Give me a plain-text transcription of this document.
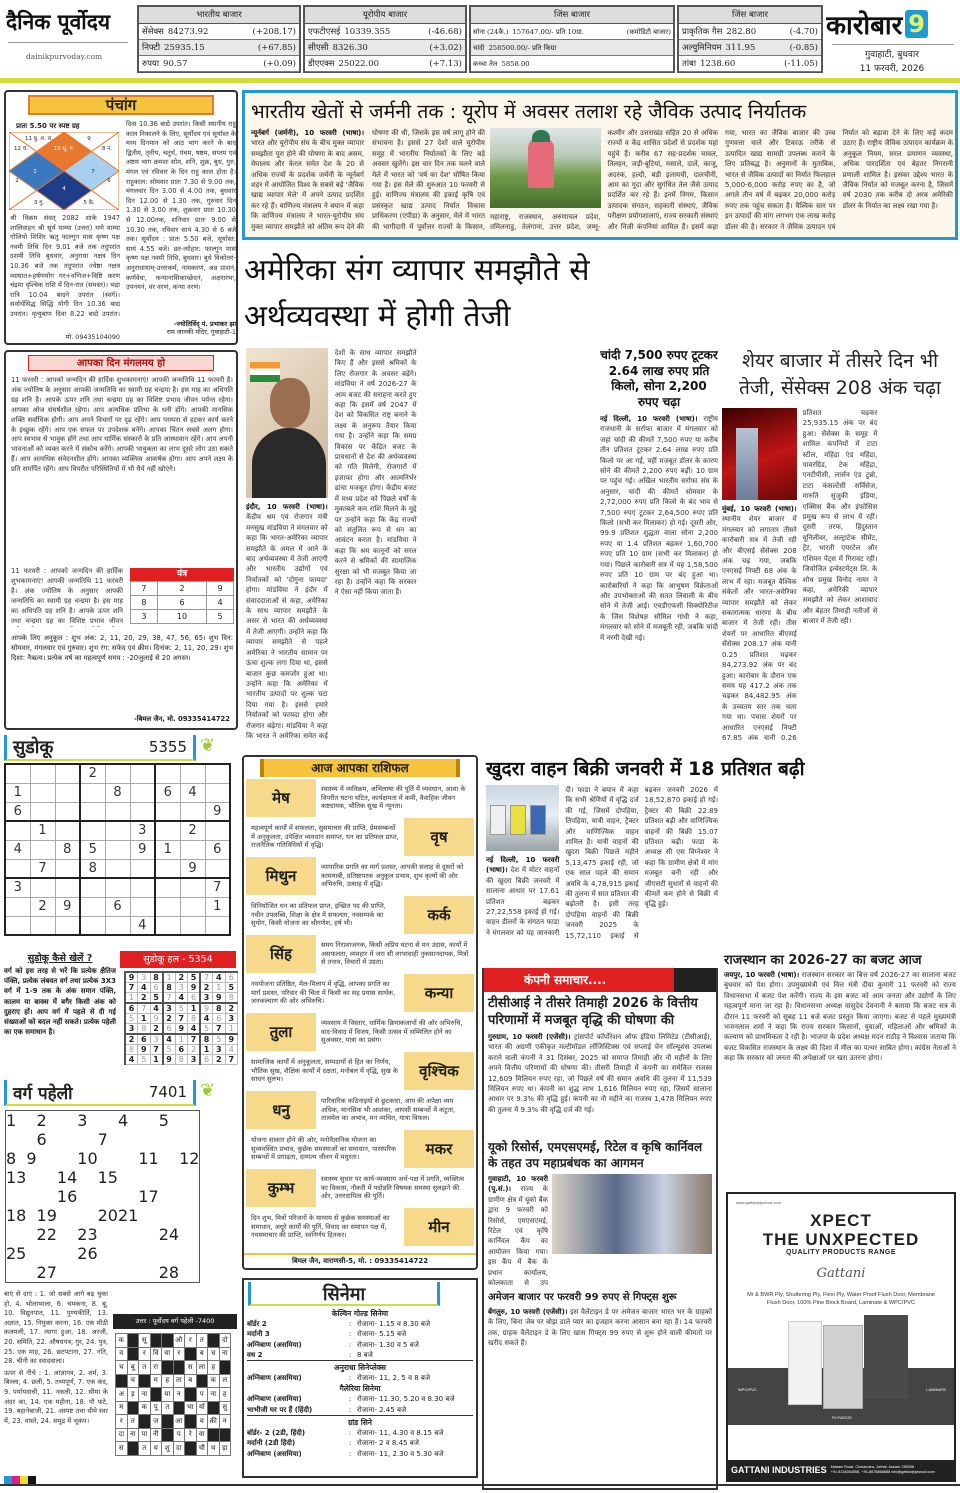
दैनिक पूर्वोदय
dainikpurvoday.com
भारतीय बाजार
सेंसेक्स 84273.92	(+208.17)
निफ्टी 25935.15	(+67.85)
रुपया 90.57	(+0.09)
यूरोपीय बाजार
एफटीएसई 10339.355	(-46.68)
सीएसी 8326.30	(+3.02)
डीएएक्स 25022.00	(+7.13)
जिंस बाजार
सोना (24कै.) 157647.00/- प्रति 10ग्रा.	(कमोडिटी बाजार)
चांदी 258500.00/- प्रति किग्रा
कच्चा तेल 5858.00
जिंस बाजार
प्राकृतिक गैस 282.80	(-4.70)
अल्युमिनियम 311.95	(-0.85)
तांबा 1238.60	(-11.05)
कारोबार 9
गुवाहाटी, बुधवार
11 फरवरी, 2026
पंचांग
प्रातः 5.50 पर स्पष्ट ग्रह
10 सू. ग.
11 बु. श. रा.	9
12 च.
1	7
8 नं.
2
4
6
3 गु.	5 के.
श्री विक्रम संवत् 2082 शाके 1947 शालिवाहन श्री सूर्य याम्या (उत्तरा) यणे याम्या गोलियो शिशिर ऋतु फाल्गुन मास कृष्ण पक्ष नवमी तिथि दिन 9.01 बजे तक तदुपरांत दशमी तिथि बुधवार, अनुराधा नक्षत्र दिन 10.36 बजे तक तदुपरांत ज्येष्ठा नक्षत्र व्याघात+हर्षणयोग गर+वणिज+विष्टि करण चंद्रमा वृश्चिक राशि में दिन-रात (समस्त)। भद्रा रात्रि 10.04 बादने उपरांत (स्वर्ग)। सर्वार्थसिद्ध सिद्धि योगी दिन 10.36 बाद्य उपरांत। मृत्युबाण दिवा 8.22 बाद्ये उपरांत।
दिवा 10.36 बाद्ये उपरांत। किसी स्थानीय राहु काल निकालने के लिए, सूर्योदय एवं सूर्यास्त के मध्य दिनमान को आठ भाग करने के बाद द्वितीय, तृतीय, चतुर्थ, पंचम, षष्ठम, सप्तम एवं अष्टम भाग क्रमशः सोम, शनि, शुक्र, बुध, गुरु, मंगल एवं रविवार के दिन राहु काल होता है। राहुकाल: सोमवार प्रातः 7.30 से 9.00 तक, मंगलवार दिन 3.00 से 4.00 तक, बुधवार दिन 12.00 से 1.30 तक, गुरुवार दिन 1.30 से 3.00 तक, शुक्रवार प्रातः 10.30 से 12.00तक, शनिवार प्रातः 9.00 से 10.30 तक, रविवार सायं 4.30 से 6 बजे तक। सूर्योदय : प्रातः 5.50 बजे, सूर्यास्त: सायं 4.55 बजे। व्रत-त्योहार: फाल्गुन मास कृष्ण पक्ष नवमी तिथि, बुधवार। बुधे विकोत्तरं-अनुराधायाम्-उत्तरकर्म, नामकरणं, अन्न प्राशनं, कर्णवेधः, कन्यानासिकाच्छेदनं, अक्षरारंभः, उपनयनं, वर वरणं, कन्या वरणं।
-ज्योतिर्विद् पं. प्रभाकर झा
राम जानकी मंदिर, गुवाहाटी-1
मो. 09435104090
आपका दिन मंगलमय हो
11 फरवरी : आपको जन्मदिन की हार्दिक शुभकामनाएं! आपकी जन्मतिथि 11 फरवरी है। अंक ज्योतिष के अनुसार आपकी जन्मतिथि का स्वामी ग्रह चन्द्रमा है। इस माह का अधिपति ग्रह शनि है। आपके ऊपर शनि तथा चन्द्रमा ग्रह का विशिष्ट प्रभाव जीवन पर्यन्त रहेगा। आपका ओज संघर्षशील रहेगा। आप अत्यधिक प्रतिभा के धनी होंगे। आपकी मानसिक शक्ति सर्वाधिक होगी। आप अपने विचारों पर दृढ़ रहेंगे। आप परम्परा से हटकर कार्य करने के इच्छुक रहेंगे। आप एक सफल पर उपदेशक बनेंगे। आपका चिंतन सबसे अलग होगा। आप स्वभाव से भावुक होंगे तथा आप धार्मिक संस्कारों के प्रति आस्थावान रहेंगे। आप अपनी भावनाओं को व्यक्त करने में संकोच करेंगे। आपकी भावुकता का लाभ दूसरे लोग उठा सकते हैं। आप अत्यधिक संवेदनशील होंगे। आपका व्यक्तित्व आकर्षक होगा। आप अपने लक्ष्य के प्रति समर्पित रहेंगे। आप विपरीत परिस्थितियों में भी धैर्य नहीं खोएंगे।
11 फरवरी : आपको जन्मदिन की हार्दिक शुभकामनाएं! आपकी जन्मतिथि 11 फरवरी है। अंक ज्योतिष के अनुसार आपकी जन्मतिथि का स्वामी ग्रह चन्द्रमा है। इस माह का अधिपति ग्रह शनि है। आपके ऊपर शनि तथा चन्द्रमा ग्रह का विशिष्ट प्रभाव जीवन
यंत्र
7	2	9
8	6	4
3	10	5
आपके लिए अनुकूल : शुभ अंक: 2, 11, 20, 29, 38, 47, 56, 65। शुभ दिन: सोमवार, मंगलवार एवं गुरुवार। शुभ रंग: सफेद एवं क्रीम। दिनांक: 2, 11, 20, 29। शुभ दिशा: नैऋत्य। प्रत्येक वर्ष का महत्वपूर्ण समय : -20जुलाई से 20 अगस्त।
-बिमल जैन, मो. 09335414722
सुडोकू	5355 ❦
			2					
1				8		6	4	
6								9
	1				3		2	
4		8	5		9	1		6
	7		8				9	
3								7
	2	9		6				1
					4			
सुडोकू कैसे खेलें ?
वर्ग को इस तरह से भरें कि प्रत्येक क्षैतिज पंक्ति, प्रत्येक लंबवत वर्ग तथा प्रत्येक 3X3 वर्ग में 1-9 तक के अंक समान पंक्ति, कालम या बाक्स में बगैर किसी अंक को दुहराए हों। आप वर्ग में पहले से दी गई संख्याओं को बदल नहीं सकते। प्रत्येक पहेली का एक समाधान है।
सुडोकू हल - 5354
9	3	8	1	2	5	7	4	6
7	4	6	8	3	9	2	1	5
1	2	5	7	4	6	3	9	8
6	7	4	3	5	1	9	8	2
5	1	9	2	7	8	4	6	3
3	8	2	6	9	4	5	7	1
2	6	3	4	1	7	8	5	9
8	9	7	5	6	2	1	3	4
4	5	1	9	8	3	6	2	7
वर्ग पहेली	7401 ❦
1		2		3		4		5	
		6			7				
8	9			10			11		12
13			14		15				
			16				17		
18		19			20	21			
		22		23				24	
25				26					
		27						28	
बाएं से दाएं : 1. जो सबसे आगे बढ़ चुका हो, 4. भोलाभाला, 6. चमकना, 8. बू, 10. विद्युतपात, 11. पुण्यकीर्ति, 13. अज्ञात, 15. नियुक्त करना, 16. एक मीठी कलमली, 17. त्यागा हुआ, 18. अरजी, 20. समिति, 22. औषधपत्र; गुर, 24. पुत्र, 25. एक माह, 26. छटपटाना, 27. नति, 28. चीनी का स्वादवाला।
ऊपर से नीचे : 1. आज्ञापत्र, 2. शर्म, 3. बिल्ला, 4. छली, 5. तथ्यपूर्ण, 7. एक कंद, 9. पर्यायवाची, 11. नकली, 12. सीमा के अंदर का, 14. एक महीना, 18. पौ फटे, 19. बहानेबाजी, 21. अस्पष्ट तथा धीमे स्वर में, 23. वास्ते, 24. समुद्र में भूकंप।
उत्तर : पूर्वोदय वर्ग पहेली -7400
क		सू			औ	र	त		दो
व		र	वि	वा	र		ब	च	ना
च	बू	त	रा			स	ला	ह	
	च		म	ह	ता	ब		क	ल
अ	ड़	ना		या	न		प	ना	ह
म		क	पू	त		भा	र्या		सु
र	त		ज		आ		य	क़ी	न
दा	ना	पा	नी		प	रे	वा		
स		त	य	शु	दा		चौ	थ	ड़ा
भारतीय खेतों से जर्मनी तक : यूरोप में अवसर तलाश रहे जैविक उत्पाद निर्यातक
न्यूर्नबर्ग (जर्मनी), 10 फरवरी (भाषा)। भारत और यूरोपीय संघ के बीच मुक्त व्यापार समझौता पूरा होने की घोषणा के बाद असम, मेघालय और केरल समेत देश के 20 से अधिक राज्यों के प्रदर्शक जर्मनी के न्यूर्नबर्ग शहर में आयोजित विश्व के सबसे बड़े 'जैविक खाद्य व्यापार मेले' में अपने उत्पाद प्रदर्शित कर रहे हैं। वाणिज्य मंत्रालय ने बयान में कहा कि वाणिज्य मंत्रालय ने भारत-यूरोपीय संघ मुक्त व्यापार समझौते को अंतिम रूप देने की घोषणा की थी, जिसके इस वर्ष लागू होने की संभावना है। इससे 27 देशों वाले यूरोपीय समूह में भारतीय निर्यातकों के लिए बड़े अवसर खुलेंगे। इस चार दिन तक चलने वाले मेले में भारत को 'वर्ष का देश' घोषित किया गया है। इस मेले की शुरुआत 10 फरवरी से हुई। वाणिज्य मंत्रालय की इकाई कृषि एवं प्रसंस्कृत खाद्य उत्पाद निर्यात विकास प्राधिकरण (एपीडा) के अनुसार, मेले में भारत की भागीदारी में पूर्वोत्तर राज्यों के किसान,
महाराष्ट्र, राजस्थान, अरुणाचल प्रदेश, तमिलनाडु, तेलंगाना, उत्तर प्रदेश, जम्मू-कश्मीर और उत्तराखंड सहित 20 से अधिक राज्यों व केंद्र शासित प्रदेशों से प्रदर्शक यहां पहुंचे हैं। करीब 67 सह-प्रदर्शक चावल, तिलहन, जड़ी-बूटियां, मसाले, दालें, काजू, अदरक, हल्दी, बड़ी इलायची, दालचीनी, आम का गूदा और सुगंधित तेल जैसे उत्पाद प्रदर्शित कर रहे हैं। इनमें निगम, किसान उत्पादक संगठन, सहकारी संस्थाएं, जैविक परीक्षण प्रयोगशालाएं, राज्य सरकारी संस्थाएं और निजी कंपनियां शामिल हैं। इसमें कहा गया, भारत का जैविक बाजार की उच्च गुणवत्ता वाले और टिकाऊ तरीके से उत्पादित खाद्य सामग्री उपलब्ध कराने के लिए प्रतिबद्ध है। अनुमानों के मुताबिक, भारत से जैविक उत्पादों का निर्यात फिलहाल 5,000-6,000 करोड़ रुपए का है, जो अगले तीन वर्ष में बढ़कर 20,000 करोड़ रुपए तक पहुंच सकता है। वैश्विक स्तर पर इन उत्पादों की मांग लगभग एक लाख करोड़ डॉलर की है। सरकार ने जैविक उत्पादन एवं निर्यात को बढ़ावा देने के लिए कई कदम उठाए हैं। राष्ट्रीय जैविक उत्पादन कार्यक्रम के अनुकूल नियम, सरल प्रमाणन व्यवस्था, अधिक पारदर्शिता एवं बेहतर निगरानी प्रणाली शामिल है। इसका उद्देश्य भारत के जैविक निर्यात को मजबूत करना है, जिसमें वर्ष 2030 तक करीब दो अरब अमेरिकी डॉलर के निर्यात का लक्ष्य रखा गया है।
अमेरिका संग व्यापार समझौते से अर्थव्यवस्था में होगी तेजी
इंदौर, 10 फरवरी (भाषा)। केंद्रीय श्रम एवं रोजगार मंत्री मनसुख मांडविया ने मंगलवार को कहा कि भारत-अमेरिका व्यापार समझौते के अमल में आने के बाद अर्थव्यवस्था में तेजी आएगी और भारतीय उद्योगों एवं निर्यातकों को 'दोगुना फायदा' होगा। मांडविया ने इंदौर में संवाददाताओं से कहा, अमेरिका के साथ व्यापार समझौते के असर से भारत की अर्थव्यवस्था में तेजी आएगी। उन्होंने कहा कि व्यापार समझौते से पहले अमेरिका ने भारतीय सामान पर ऊंचा शुल्क लगा दिया था, इससे बाजार कुछ कमजोर हुआ था। उन्होंने कहा कि अमेरिका में भारतीय उत्पादों पर शुल्क घटा दिया गया है। इससे हमारे निर्यातकों को फायदा होगा और रोजगार बढ़ेगा। मांडविया ने कहा कि भारत ने अमेरिका समेत कई देशों के साथ व्यापार समझौते किए हैं और इससे श्रमिकों के लिए रोजगार के अवसर बढ़ेंगे। मांडविया ने वर्ष 2026-27 के आम बजट की सराहना करते हुए कहा कि इसमें वर्ष 2047 में देश को विकसित राष्ट्र बनाने के लक्ष्य के अनुरूप तैयार किया गया है। उन्होंने कहा कि समग्र विकास पर केंद्रित बजट के प्रावधानों से देश की अर्थव्यवस्था को गति मिलेगी, रोजगारों में इजाफा होगा और आत्मनिर्भर ढांचा मजबूत होगा। केंद्रीय बजट में मध्य प्रदेश को पिछले वर्षों के मुकाबले कम राशि मिलने के मुद्दे पर उन्होंने कहा कि केंद्र राज्यों को संतुलित रूप से धन का आवंटन करता है। मांडविया ने कहा कि श्रम कानूनों को सरल करने से श्रमिकों की सामाजिक सुरक्षा को भी मजबूत किया जा रहा है। उन्होंने कहा कि सरकार ने ऐसा नहीं किया जाता है।
चांदी 7,500 रुपए टूटकर 2.64 लाख रुपए प्रति किलो, सोना 2,200 रुपए चढ़ा
नई दिल्ली, 10 फरवरी (भाषा)। राष्ट्रीय राजधानी के सर्राफा बाजार में मंगलवार को जहां चांदी की कीमतें 7,500 रुपए या करीब तीन प्रतिशत टूटकर 2.64 लाख रुपए प्रति किलो पर आ गईं, वहीं मजबूत डॉलर के कारण सोने की कीमतें 2,200 रुपए बढ़ीं। 10 ग्राम पर पहुंच गई। अखिल भारतीय सर्राफा संघ के अनुसार, चांदी की कीमतें सोमवार के 2,72,000 रुपए प्रति किलो के बंद भाव से 7,500 रुपए टूटकर 2,64,500 रुपए प्रति किलो (सभी कर मिलाकर) हो गई। दूसरी ओर, 99.9 प्रतिशत शुद्धता वाला सोना 2,200 रुपए या 1.4 प्रतिशत बढ़कर 1,60,700 रुपए प्रति 10 ग्राम (सभी कर मिलाकर) हो गया। पिछले कारोबारी सत्र में यह 1,58,500 रुपए प्रति 10 ग्राम पर बंद हुआ था। कारोबारियों ने कहा कि आभूषण विक्रेताओं और उपभोक्ताओं की सतत लिवाली के बीच सोने में तेजी आई। एचडीएफसी सिक्योरिटीज के जिंस विशेषज्ञ सौमिल गांधी ने कहा, मंगलवार को सोने में मजबूती रही, जबकि चांदी में नरमी देखी गई।
शेयर बाजार में तीसरे दिन भी तेजी, सेंसेक्स 208 अंक चढ़ा
मुंबई, 10 फरवरी (भाषा)। स्थानीय शेयर बाजार में मंगलवार को लगातार तीसरे कारोबारी सत्र में तेजी रही और बीएसई सेंसेक्स 208 अंक चढ़ गया, जबकि एनएसई निफ्टी 68 अंक के लाभ में रहा। मजबूत वैश्विक संकेतों और भारत-अमेरिका व्यापार समझौते को लेकर सकारात्मक धारणा के बीच बाजार में तेजी रही। तीस शेयरों पर आधारित बीएसई सेंसेक्स 208.17 अंक यानी 0.25 प्रतिशत चढ़कर 84,273.92 अंक पर बंद हुआ। कारोबार के दौरान एक समय यह 417.2 अंक तक चढ़कर 84,482.95 अंक के उच्चतम स्तर तक चला गया था। पचास शेयरों पर आधारित एनएसई निफ्टी 67.85 अंक यानी 0.26 प्रतिशत चढ़कर 25,935.15 अंक पर बंद हुआ। सेंसेक्स के समूह में शामिल कंपनियों में टाटा स्टील, महिंद्रा एंड महिंद्रा, पावरग्रिड, टेक महिंद्रा, एनटीपीसी, लार्सन एंड टुब्रो, टाटा कंसल्टेंसी सर्विसेज, मारुति सुजुकी इंडिया, एक्सिस बैंक और इंफोसिस प्रमुख रूप से लाभ में रहीं। दूसरी तरफ, हिंदुस्तान यूनिलीवर, अल्ट्राटेक सीमेंट, ट्रेंट, भारती एयरटेल और एशियन पेंट्स में गिरावट रही। जियोजित इन्वेस्टमेंट्स लि. के शोध प्रमुख विनोद नायर ने कहा, अमेरिकी व्यापार समझौते को लेकर आशावाद और बेहतर तिमाही नतीजों से बाजार में तेजी रही।
आज आपका राशिफल
मेष	स्वास्थ्य में व्यतिक्रम, अभिलाषा की पूर्ति में व्यवधान, आशा के विपरीत घटना घटित, कार्यक्षमता में कमी, वैवाहिक जीवन कष्टदायक, भौतिक सुख में न्यूनता।
वृष
महत्वपूर्ण कार्यों में सफलता, सुसमाचार की प्राप्ति, प्रेमसम्बन्धों में अनुकूलता, उपेक्षित व्यवधान समाप्त, धन का प्रतिफल प्राप्त, राजनैतिक गतिविधियों में वृद्धि।
मिथुन	व्यापारिक प्रगति का मार्ग प्रशस्त, आपकी सलाह से दूसरों को कामयाबी, प्रतिष्ठापरक अनुकूल प्रभाव, शुभ कृत्यों की ओर अभिरुचि, उत्साह में वृद्धि।
कर्क
विनियोजित धन का प्रतिफल प्राप्त, इच्छित पद की प्राप्ति, नवीन उपलब्धि, शिक्षा के क्षेत्र में सफलता, नवसम्पर्क का सुयोग, किसी योजना का श्रीगणेश, हर्ष भी।
सिंह	समय निराशाजनक, किसी अप्रिय घटना से मन उदास, कार्यों में असफलता, व्यवहार में जरा सी लापरवाही नुकसानदायक, मित्रों से तनाव, विचारों में उग्रता।
कन्या
नवयोजना प्रतिष्ठित, मेल-मिलाप में वृद्धि, आपका प्रगति का मार्ग प्रशस्त, परिवार की चिंता में किसी का सह प्रयास सार्थक, जनकल्याण की ओर अभिरुचि।
तुला	व्यवसाय में विस्तार, धार्मिक क्रियाकलापों की ओर अभिरुचि, वाद-विवाद में विजय, किसी उत्सव में सम्मिलित होने का सुअवसर, यात्रा का प्रसंग।
वृश्चिक
सामाजिक कार्यों में अनुकूलता, सम्पदायों से हित का निर्णय, भौतिक सुख, शैक्षिक कार्यों में दक्षता, मनोबल में वृद्धि, सुख के साधन सुलभ।
धनु	पारिवारिक कठिनाइयों से छुटकारा, आय की अपेक्षा व्यय अधिक, मानसिक भी आशंका, आपसी सम्बन्धों में कटुता, तालमेल का अभाव, मन व्यथित, यात्रा विफल।
मकर
योजना साकार होने की ओर, मनोवैज्ञानिक योजना का सुव्यवस्थित प्रभाव, कुछेक समस्याओं का समाधान, पारस्परिक सम्बन्धों में प्रगाढ़ता, दाम्पत्य जीवन में मधुरता।
कुम्भ	स्वास्थ्य सुधार पर कार्य-व्यवसाय अर्थ-पक्ष में प्रगति, व्यक्तित्व का विकास, नौकरी में पदोन्नति विषयक समस्या सुलझने की ओर, उत्तरदायित्व की पूर्ति।
मीन
दिन शुभ, मित्रों परिजनों के माध्यम से कुछेक समस्याओं का समाधान, अधूरे कार्यों की पूर्ति, विवाद का समापन पक्ष में, नवसमाचार की प्राप्ति, स्वनिर्णय हितकर।
बिमल जैन, वाराणसी-5, मो. : 09335414722
सिनेमा
केल्विन गोल्ड सिनेमा
बॉर्डर 2	: रोजाना- 1.15 व 8.30 बजे
मर्दानी 3	: रोजाना- 5.15 बजे
अग्निबाण (असमिया)	: रोजाना- 1.30 व 5 बजे
वध 2	: 8 बजे
अनुराधा सिनेप्लेक्स
अग्निबाण (असमिया)	: रोजाना- 11, 2, 5 व 8 बजे
गैलेरिया सिनेमा
अग्निबाण (असमिया)	: रोजाना- 11.30, 5.20 व 8.30 बजे
भाभीजी घर पर हैं (हिंदी)	: रोजाना- 2.45 बजे
ग्रांड सिने
बॉर्डर- 2 (2डी, हिंदी)	: रोजाना- 11, 4.30 व 8.15 बजे
मर्दानी (2डी हिंदी)	: रोजाना- 2 व 8.45 बजे
अग्निबाण (असमिया)	: रोजाना- 11, 2.30 व 5.30 बजे
खुदरा वाहन बिक्री जनवरी में 18 प्रतिशत बढ़ी
नई दिल्ली, 10 फरवरी (भाषा)। देश में मोटर वाहनों की खुदरा बिक्री जनवरी में सालाना आधार पर 17.61 प्रतिशत बढ़कर 27,22,558 इकाई हो गई। वाहन डीलरों के संगठन फाडा ने मंगलवार को यह जानकारी दी। फाडा ने बयान में कहा कि सभी श्रेणियों में वृद्धि दर्ज की गई, जिसमें दोपहिया, तिपहिया, यात्री वाहन, ट्रैक्टर और वाणिज्यिक वाहन शामिल हैं। यात्री वाहनों की खुदरा बिक्री पिछले महीने 5,13,475 इकाई रही, जो एक साल पहले की समान अवधि के 4,78,915 इकाई की तुलना में सात प्रतिशत की बढ़ोतरी है। इसी तरह दोपहिया वाहनों की बिक्री जनवरी 2025 के 15,72,110 इकाई से बढ़कर जनवरी 2026 में 18,52,870 इकाई हो गई। ट्रैक्टर की बिक्री 22.89 प्रतिशत बढ़ी और वाणिज्यिक वाहनों की बिक्री 15.07 प्रतिशत बढ़ी। फाडा के अध्यक्ष सी एस विग्नेश्वर ने कहा कि ग्रामीण क्षेत्रों में मांग मजबूत बनी रही और जीएसटी सुधारों से वाहनों की कीमतें कम होने से बिक्री में वृद्धि हुई।
कंपनी समाचार....
टीसीआई ने तीसरे तिमाही 2026 के वित्तीय परिणामों में मजबूत वृद्धि की घोषणा की
गुरुग्राम, 10 फरवरी (एजेंसी)। ट्रांसपोर्ट कॉर्पोरेशन ऑफ इंडिया लिमिटेड (टीसीआई), भारत की अग्रणी एकीकृत मल्टीमॉडल लॉजिस्टिक्स एवं सप्लाई चेन सॉल्यूशंस उपलब्ध कराने वाली कंपनी ने 31 दिसंबर, 2025 को समाप्त तिमाही और नौ महीनों के लिए अपने वित्तीय परिणामों की घोषणा की। तीसरी तिमाही में कंपनी का समेकित राजस्व 12,609 मिलियन रुपए रहा, जो पिछले वर्ष की समान अवधि की तुलना में 11,539 मिलियन रुपए था। कंपनी का शुद्ध लाभ 1,616 मिलियन रुपए रहा, जिसमें सालाना आधार पर 9.3% की वृद्धि हुई। कंपनी का नौ महीने का राजस्व 1,478 मिलियन रुपए की तुलना में 9.3% की वृद्धि दर्ज की गई।
यूको रिसोर्स, एमएसएमई, रिटेल व कृषि कार्निवल के तहत उप महाप्रबंधक का आगमन
गुवाहाटी, 10 फरवरी (पू.सं.)। राज्य के ग्रामीण क्षेत्र में यूको बैंक द्वारा 9 फरवरी को रिसोर्स, एमएसएमई, रिटेल एवं कृषि कार्निवल कैंप का आयोजन किया गया। इस कैंप में बैंक के प्रधान कार्यालय, कोलकाता से उप
अमेजन बाजार पर फरवरी 99 रुपए से गिफ्ट्स शुरू
बेंगलुरु, 10 फरवरी (एजेंसी)। इस वैलेंटाइन डे पर अमेजन बाजार भारत भर के ग्राहकों के लिए, बिना जेब पर बोझ डाले प्यार का इजहार करना आसान बना रहा है। 14 फरवरी तक, ग्राहक वैलेंटाइन डे के लिए खास गिफ्ट्स 99 रुपए से शुरू होने वाली कीमतों पर खरीद सकते हैं।
राजस्थान का 2026-27 का बजट आज
जयपुर, 10 फरवरी (भाषा)। राजस्थान सरकार का बित्त वर्ष 2026-27 का सालाना बजट बुधवार को पेश होगा। उपमुख्यमंत्री एवं वित्त मंत्री दीया कुमारी 11 फरवरी को राज्य विधानसभा में बजट पेश करेंगी। राज्य के इस बजट को आम जनता और उद्योगों के लिए महत्वपूर्ण माना जा रहा है। विधानसभा अध्यक्ष वासुदेव देवनानी ने बताया कि बजट सत्र के दौरान 11 फरवरी को सुबह 11 बजे बजट प्रस्तुत किया जाएगा। बजट से पहले मुख्यमंत्री भजनलाल शर्मा ने कहा कि राज्य सरकार किसानों, युवाओं, महिलाओं और श्रमिकों के कल्याण को प्राथमिकता दे रही है। भाजपा के प्रदेश अध्यक्ष मदन राठौड़ ने विश्वास जताया कि बजट विकसित राजस्थान के लक्ष्य की दिशा में मील का पत्थर साबित होगा। कांग्रेस नेताओं ने कहा कि सरकार को जनता की अपेक्षाओं पर खरा उतरना होगा।
www.gattaniplywood.com
XPECT
THE UNXPECTED
QUALITY PRODUCTS RANGE
Gattani
Mr & BWR Ply, Shuttering Ply, Flexi Ply, Water Proof Flush Door, Membrane Flush Door, 100% Pine Block Board, Laminate & WPC/PVC
WPC/PVC
PLYWOOD
LAMINATE
GATTANI INDUSTRIES Mariani Road, Cinnamara, Jorhat, Assam-785008
+91 8134054558, +91-8678868888 info@gattaniplywood.com
